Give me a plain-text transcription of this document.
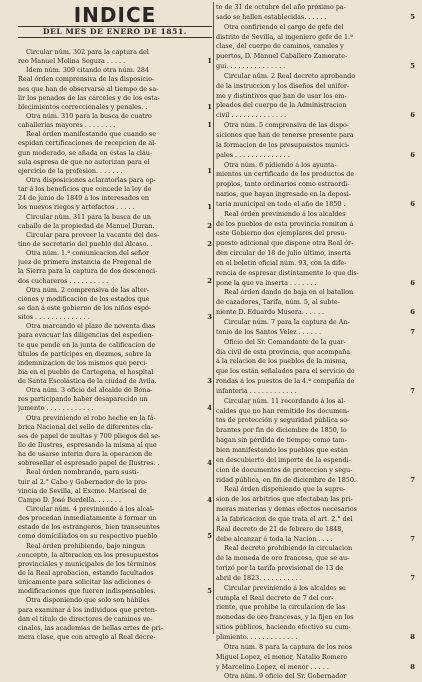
INDICE
DEL MES DE ENERO DE 1851.
Circular núm. 302 para la captura del
reo Manuel Molina Segura . . . . .	1
Idem núm. 309 citando otra núm. 284
Real órden comprensiva de las disposicio-
nes que han de observarse al tiempo de sa-
lir los penados de las cárceles y de los esta-
blecimientos correccionales y penales. .	1
Otra núm. 310 para la busca de cuatro
caballerías mayores . . . . . . . .	1
Real órden manifestando que cuando se
espidan certificaciones de recepcion de al-
gun moderado, se añada en éstas la cláu-
sula espresa de que no autorizan para el
ejercicio de la profesion. . . . . . .	1
Otra disposiciones aclaratorias para op-
tar á los beneficios que concede la ley de
24 de junio de 1849 á los interesados en
los nuevos riegos y artefactos . . . . .	1
Circular núm. 311 para la busca de un
caballo de la propiedad de Manuel Duran.	2
Circular para proveer la vacante del des-
tino de secretario del pueblo del Alcaso. .	2
Otra núm. 1.ª comunicacion del señor
juez de primera instancia de Fregenal de
la Sierra para la captura de dos desconoci-
dos cuchareros . . . . . . . . . .	2
Otra núm. 2 comprensiva de las alter-
ciones y modificacion de los estados que
se dan á este gobierno de los niños espó-
sitos . . . . . . . . . . . . . .	3
Otra marcando el plazo de noventa dias
para evacuar las diligencias del espedien-
te que pende en la junta de calificacion de
títulos de partícipes en diezmos, sobre la
indemnizacion de los mismos que perci-
bia en el pueblo de Cartegena, el hospital
de Santa Escolástica de la ciudad de Avila.	3
Otra núm. 3 oficio del alcalde de Bona-
res participando haber desaparecido un
jumento . . . . . . . . . . . .	4
Otra previniendo el robo hecho en la fá-
brica Nacional del sello de diferentes cla-
ses de papel de multas y 700 pliegos del se-
llo de Ilustres, espresando la misma al que
ha de usarse interin dura la operacion de
sobresellar el espresado papel de Ilustres. .	4
Real órden nombrando, para susti-
tuir al 2.° Cabo y Gobernador de la pro-
vincia de Sevilla, al Excmo. Mariscal de
Campo D. José Bordella. . . . . . .	4
Circular núm. 4 previniendo á los alcal-
des procedan inmediatamente á formar un
estado de los estrangeros, bien transeuntes
como domiciliados en su respectivo pueblo	5
Real órden prohibiendo, bajo ningun
concepto, la alteracion en los presupuestos
provinciales y municipales de los términos
de la Real aprobacion, estando facultados
únicamente para solicitar las adiciones ó
modificaciones que fueren indispensables.	5
Otra disponiendo que solo son hábiles
para examinar á los individuos que preten-
dan el título de directores de caminos ve-
cinales, las academias de bellas artes de pri-
mera clase, que con arreglo al Real decre-
to de 31 de octubre del año próximo pa-
sado se hallen establecidas. . . . . .	5
Otra confiriendo el cargo de gefe del
distrito de Sevilla, al ingeniero gefe de 1.ª
clase, del cuerpo de caminos, canales y
puertos, D. Manuel Caballero Zamorate-
gui. . . . . . . . . . . . . . .	5
Circular núm. 2 Real decreto aprobando
de la instruccion y los diseños del unifor-
me y distintivos que han de usar los em-
pleados del cuerpo de la Administracion
civil . . . . . . . . . . . . . .	6
Otra núm. 5 comprensiva de las dispo-
siciones que han de tenerse presente para
la formacion de los presupuestos munici-
pales . . . . . . . . . . . . . .	6
Otra núm. 6 pidiendo á los ayunta-
mientos un certificado de los productos de
propios, tanto ordinarios como estraordi-
narios, que hayan ingresado en la deposi-
taría municipal en todo el año de 1850 .	6
Real órden previniendo á los alcaldes
de los pueblos de esta provincia remitan á
este Gobierno dos ejemplares del presu-
puesto adicional que dispone otra Real ór-
den circular de 18 de julio último, inserta
en el boletin oficial núm. 93, con la dife-
rencia de espresar distintamente lo que dis-
pone la que va inserta . . . . . . .	6
Real órden dando de baja en el batallon
de cazadores, Tarifa, núm. 5, al subte-
niente D. Eduardo Musera. . . . . .	6
Circular núm. 7 para la captura de An-
tonio de los Santos Velez . . . . . .	7
Oficio del Sr. Comandante de la guar-
dia civil de esta provincia, que acompaña
á la relacion de los pueblos de la misma,
que los están señalados para el servicio de
rondas á los puestos de la 4.ª compañía de
infanteria . . . . . . . . . . . .	7
Circular núm. 11 recordando á los al-
caldes que no han remitido los documen-
tos de protección y seguridad pública so-
brantes por fin de diciembre de 1850, lo
hagan sin pérdida de tiempo; como tam-
bien manifestando los pueblos que están
en descubierto del importe de la espendi-
cion de documentos de proteccion y segu-
ridad pública, en fin de diciembre de 1850.	7
Real órden disponiendo que la supre-
sion de los arbitrios que afectaban las pri-
meras materias y demas efectos necesarios
á la fabricacion de que trata el art. 2.° del
Real decreto de 21 de febrero de 1848,
debe alcanzar á toda la Nacion . . . .	7
Real decreto prohibiendo la circulacion
de la moneda de oro francesa, que se au-
torizó por la tarifa provisional de 13 de
abril de 1823. . . . . . . . . . .	7
Circular previniendo á los alcaldes se
cumpla el Real decreto de 7 del cor-
riente, que prohibe la circulacion de las
monedas de oro francesas, y la fijen en los
sitios públicos, haciendo efectivo su cum-
plimiento. . . . . . . . . . . . .	8
Otra núm. 8 para la captura de los reos
Miguel Lopez, el menor, Natalio Romero
y Marcelino Lopez, el menor . . . . .	8
Otra núm. 9 oficio del Sr. Gobernador
